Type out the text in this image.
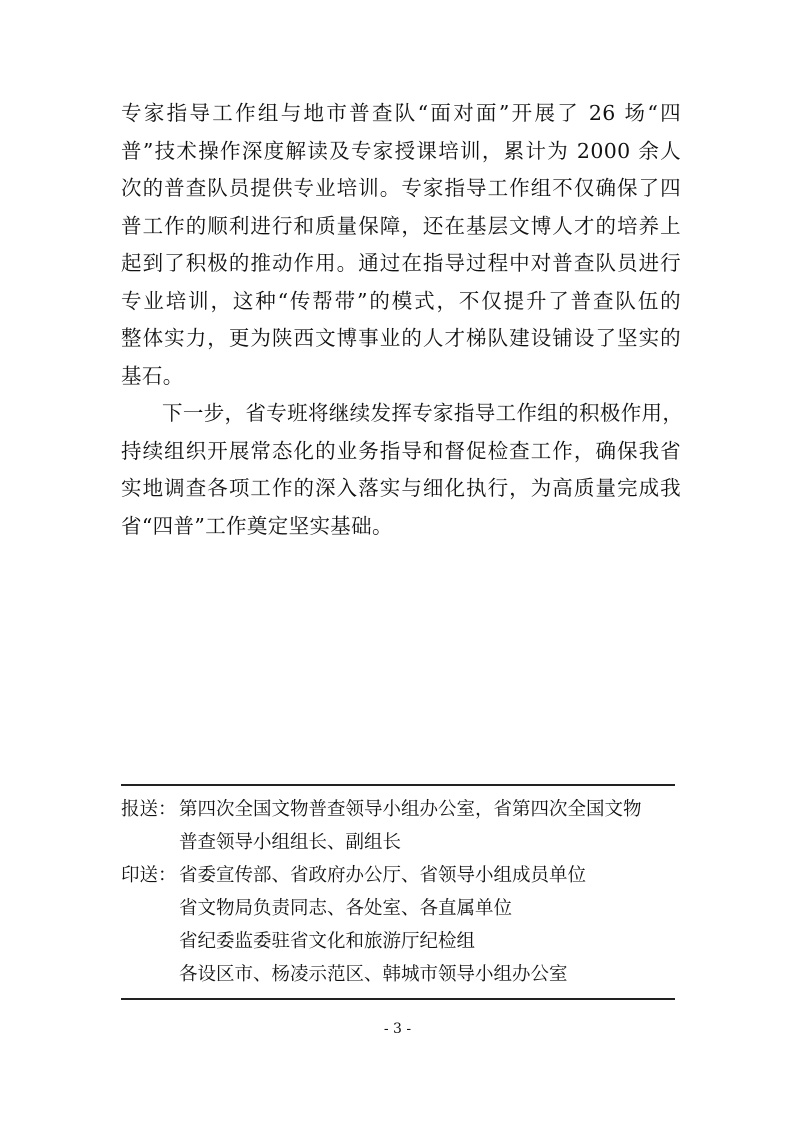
专家指导工作组与地市普查队“面对面”开展了 26 场“四
普”技术操作深度解读及专家授课培训，累计为 2000 余人
次的普查队员提供专业培训。专家指导工作组不仅确保了四
普工作的顺利进行和质量保障，还在基层文博人才的培养上
起到了积极的推动作用。通过在指导过程中对普查队员进行
专业培训，这种“传帮带”的模式，不仅提升了普查队伍的
整体实力，更为陕西文博事业的人才梯队建设铺设了坚实的
基石。
下一步，省专班将继续发挥专家指导工作组的积极作用，
持续组织开展常态化的业务指导和督促检查工作，确保我省
实地调查各项工作的深入落实与细化执行，为高质量完成我
省“四普”工作奠定坚实基础。
报送： 第四次全国文物普查领导小组办公室，省第四次全国文物
普查领导小组组长、副组长
印送： 省委宣传部、省政府办公厅、省领导小组成员单位
省文物局负责同志、各处室、各直属单位
省纪委监委驻省文化和旅游厅纪检组
各设区市、杨凌示范区、韩城市领导小组办公室
- 3 -
